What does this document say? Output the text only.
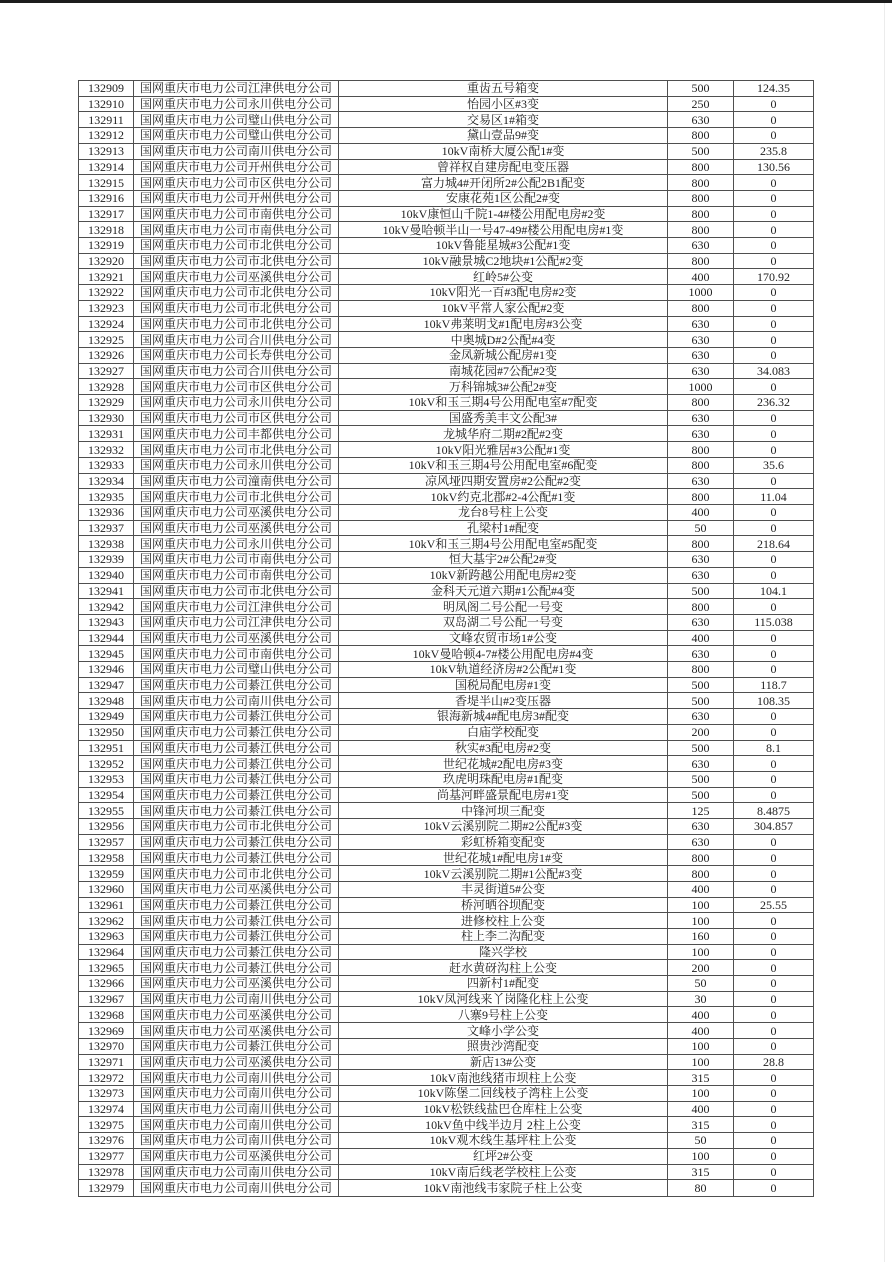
132909	国网重庆市电力公司江津供电分公司	重齿五号箱变	500	124.35
132910	国网重庆市电力公司永川供电分公司	怡园小区#3变	250	0
132911	国网重庆市电力公司璧山供电分公司	交易区1#箱变	630	0
132912	国网重庆市电力公司璧山供电分公司	黛山壹品9#变	800	0
132913	国网重庆市电力公司南川供电分公司	10kV南桥大厦公配1#变	500	235.8
132914	国网重庆市电力公司开州供电分公司	曾祥权自建房配电变压器	800	130.56
132915	国网重庆市电力公司市区供电分公司	富力城4#开闭所2#公配2B1配变	800	0
132916	国网重庆市电力公司开州供电分公司	安康花苑1区公配2#变	800	0
132917	国网重庆市电力公司市南供电分公司	10kV康恒山千院1-4#楼公用配电房#2变	800	0
132918	国网重庆市电力公司市南供电分公司	10kV曼哈顿半山一号47-49#楼公用配电房#1变	800	0
132919	国网重庆市电力公司市北供电分公司	10kV鲁能星城#3公配#1变	630	0
132920	国网重庆市电力公司市北供电分公司	10kV融景城C2地块#1公配#2变	800	0
132921	国网重庆市电力公司巫溪供电分公司	红岭5#公变	400	170.92
132922	国网重庆市电力公司市北供电分公司	10kV阳光一百#3配电房#2变	1000	0
132923	国网重庆市电力公司市北供电分公司	10kV平常人家公配#2变	800	0
132924	国网重庆市电力公司市北供电分公司	10kV弗莱明戈#1配电房#3公变	630	0
132925	国网重庆市电力公司合川供电分公司	中奥城D#2公配#4变	630	0
132926	国网重庆市电力公司长寿供电分公司	金凤新城公配房#1变	630	0
132927	国网重庆市电力公司合川供电分公司	南城花园#7公配#2变	630	34.083
132928	国网重庆市电力公司市区供电分公司	万科锦城3#公配2#变	1000	0
132929	国网重庆市电力公司永川供电分公司	10kV和玉三期4号公用配电室#7配变	800	236.32
132930	国网重庆市电力公司市区供电分公司	国盛秀美丰文公配3#	630	0
132931	国网重庆市电力公司丰都供电分公司	龙城华府二期#2配#2变	630	0
132932	国网重庆市电力公司市北供电分公司	10kV阳光雅居#3公配#1变	800	0
132933	国网重庆市电力公司永川供电分公司	10kV和玉三期4号公用配电室#6配变	800	35.6
132934	国网重庆市电力公司潼南供电分公司	凉风垭四期安置房#2公配#2变	630	0
132935	国网重庆市电力公司市北供电分公司	10kV约克北郡#2-4公配#1变	800	11.04
132936	国网重庆市电力公司巫溪供电分公司	龙台8号柱上公变	400	0
132937	国网重庆市电力公司巫溪供电分公司	孔梁村1#配变	50	0
132938	国网重庆市电力公司永川供电分公司	10kV和玉三期4号公用配电室#5配变	800	218.64
132939	国网重庆市电力公司市南供电分公司	恒大基宇2#公配2#变	630	0
132940	国网重庆市电力公司市南供电分公司	10kV新跨越公用配电房#2变	630	0
132941	国网重庆市电力公司市北供电分公司	金科天元道六期#1公配#4变	500	104.1
132942	国网重庆市电力公司江津供电分公司	明凤阁二号公配一号变	800	0
132943	国网重庆市电力公司江津供电分公司	双岛湖二号公配一号变	630	115.038
132944	国网重庆市电力公司巫溪供电分公司	文峰农贸市场1#公变	400	0
132945	国网重庆市电力公司市南供电分公司	10kV曼哈顿4-7#楼公用配电房#4变	630	0
132946	国网重庆市电力公司璧山供电分公司	10kV轨道经济房#2公配#1变	800	0
132947	国网重庆市电力公司綦江供电分公司	国税局配电房#1变	500	118.7
132948	国网重庆市电力公司南川供电分公司	香堤半山#2变压器	500	108.35
132949	国网重庆市电力公司綦江供电分公司	银海新城4#配电房3#配变	630	0
132950	国网重庆市电力公司綦江供电分公司	白庙学校配变	200	0
132951	国网重庆市电力公司綦江供电分公司	秋实#3配电房#2变	500	8.1
132952	国网重庆市电力公司綦江供电分公司	世纪花城#2配电房#3变	630	0
132953	国网重庆市电力公司綦江供电分公司	玖虎明珠配电房#1配变	500	0
132954	国网重庆市电力公司綦江供电分公司	尚基河畔盛景配电房#1变	500	0
132955	国网重庆市电力公司綦江供电分公司	中锋河坝三配变	125	8.4875
132956	国网重庆市电力公司市北供电分公司	10kV云溪别院二期#2公配#3变	630	304.857
132957	国网重庆市电力公司綦江供电分公司	彩虹桥箱变配变	630	0
132958	国网重庆市电力公司綦江供电分公司	世纪花城1#配电房1#变	800	0
132959	国网重庆市电力公司市北供电分公司	10kV云溪别院二期#1公配#3变	800	0
132960	国网重庆市电力公司巫溪供电分公司	丰灵街道5#公变	400	0
132961	国网重庆市电力公司綦江供电分公司	桥河晒谷坝配变	100	25.55
132962	国网重庆市电力公司綦江供电分公司	进修校柱上公变	100	0
132963	国网重庆市电力公司綦江供电分公司	柱上李二沟配变	160	0
132964	国网重庆市电力公司綦江供电分公司	隆兴学校	100	0
132965	国网重庆市电力公司綦江供电分公司	赶水黄砑沟柱上公变	200	0
132966	国网重庆市电力公司巫溪供电分公司	四新村1#配变	50	0
132967	国网重庆市电力公司南川供电分公司	10kV凤河线来丫岗隆化柱上公变	30	0
132968	国网重庆市电力公司巫溪供电分公司	八寨9号柱上公变	400	0
132969	国网重庆市电力公司巫溪供电分公司	文峰小学公变	400	0
132970	国网重庆市电力公司綦江供电分公司	照贵沙湾配变	100	0
132971	国网重庆市电力公司巫溪供电分公司	新店13#公变	100	28.8
132972	国网重庆市电力公司南川供电分公司	10kV南池线猪市坝柱上公变	315	0
132973	国网重庆市电力公司南川供电分公司	10kV陈堡二回线枝子湾柱上公变	100	0
132974	国网重庆市电力公司南川供电分公司	10kV松铁线盐巴仓库柱上公变	400	0
132975	国网重庆市电力公司南川供电分公司	10kV鱼中线半边月 2柱上公变	315	0
132976	国网重庆市电力公司南川供电分公司	10kV观木线生基坪柱上公变	50	0
132977	国网重庆市电力公司巫溪供电分公司	红坪2#公变	100	0
132978	国网重庆市电力公司南川供电分公司	10kV南后线老学校柱上公变	315	0
132979	国网重庆市电力公司南川供电分公司	10kV南池线韦家院子柱上公变	80	0
